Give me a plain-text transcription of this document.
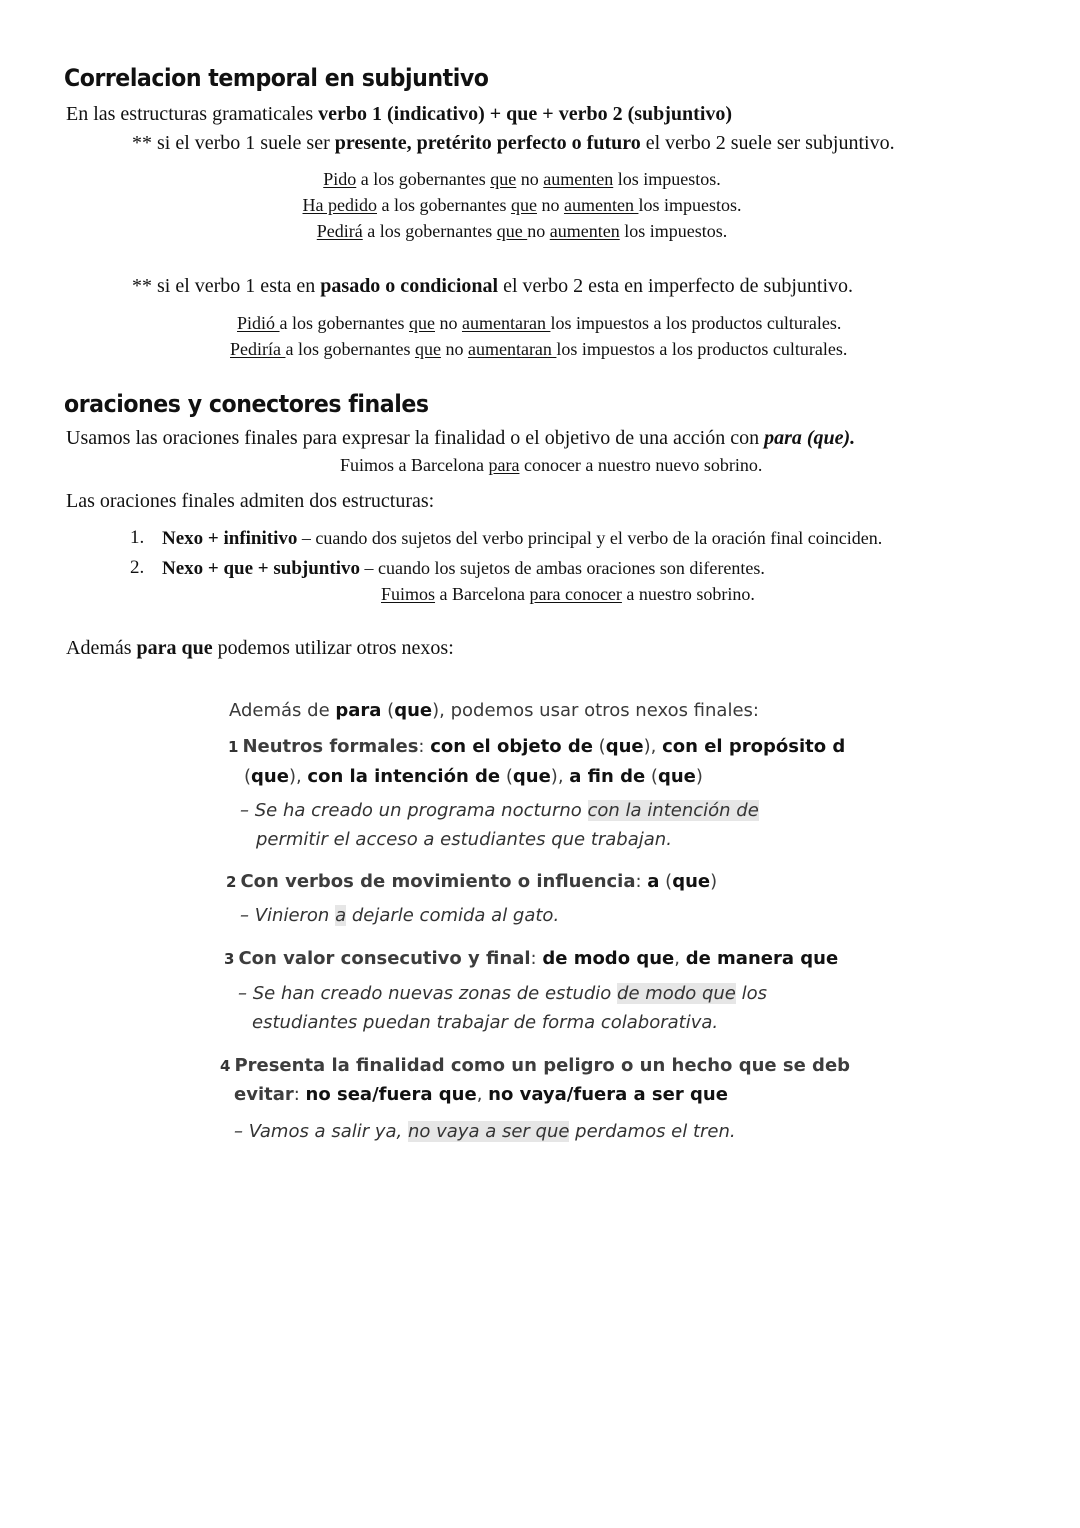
Correlacion temporal en subjuntivo
En las estructuras gramaticales verbo 1 (indicativo) + que + verbo 2 (subjuntivo)
** si el verbo 1 suele ser presente, pretérito perfecto o futuro el verbo 2 suele ser subjuntivo.
Pido a los gobernantes que no aumenten los impuestos.
Ha pedido a los gobernantes que no aumenten los impuestos.
Pedirá a los gobernantes que no aumenten los impuestos.
** si el verbo 1 esta en pasado o condicional el verbo 2 esta en imperfecto de subjuntivo.
Pidió a los gobernantes que no aumentaran los impuestos a los productos culturales.
Pediría a los gobernantes que no aumentaran los impuestos a los productos culturales.
oraciones y conectores finales
Usamos las oraciones finales para expresar la finalidad o el objetivo de una acción con para (que).
Fuimos a Barcelona para conocer a nuestro nuevo sobrino.
Las oraciones finales admiten dos estructuras:
1. Nexo + infinitivo – cuando dos sujetos del verbo principal y el verbo de la oración final coinciden.
2. Nexo + que + subjuntivo – cuando los sujetos de ambas oraciones son diferentes.
Fuimos a Barcelona para conocer a nuestro sobrino.
Además para que podemos utilizar otros nexos:
Además de para (que), podemos usar otros nexos finales:
1 Neutros formales: con el objeto de (que), con el propósito d
(que), con la intención de (que), a fin de (que)
– Se ha creado un programa nocturno con la intención de
permitir el acceso a estudiantes que trabajan.
2 Con verbos de movimiento o influencia: a (que)
– Vinieron a dejarle comida al gato.
3 Con valor consecutivo y final: de modo que, de manera que
– Se han creado nuevas zonas de estudio de modo que los
estudiantes puedan trabajar de forma colaborativa.
4 Presenta la finalidad como un peligro o un hecho que se deb
evitar: no sea/fuera que, no vaya/fuera a ser que
– Vamos a salir ya, no vaya a ser que perdamos el tren.
